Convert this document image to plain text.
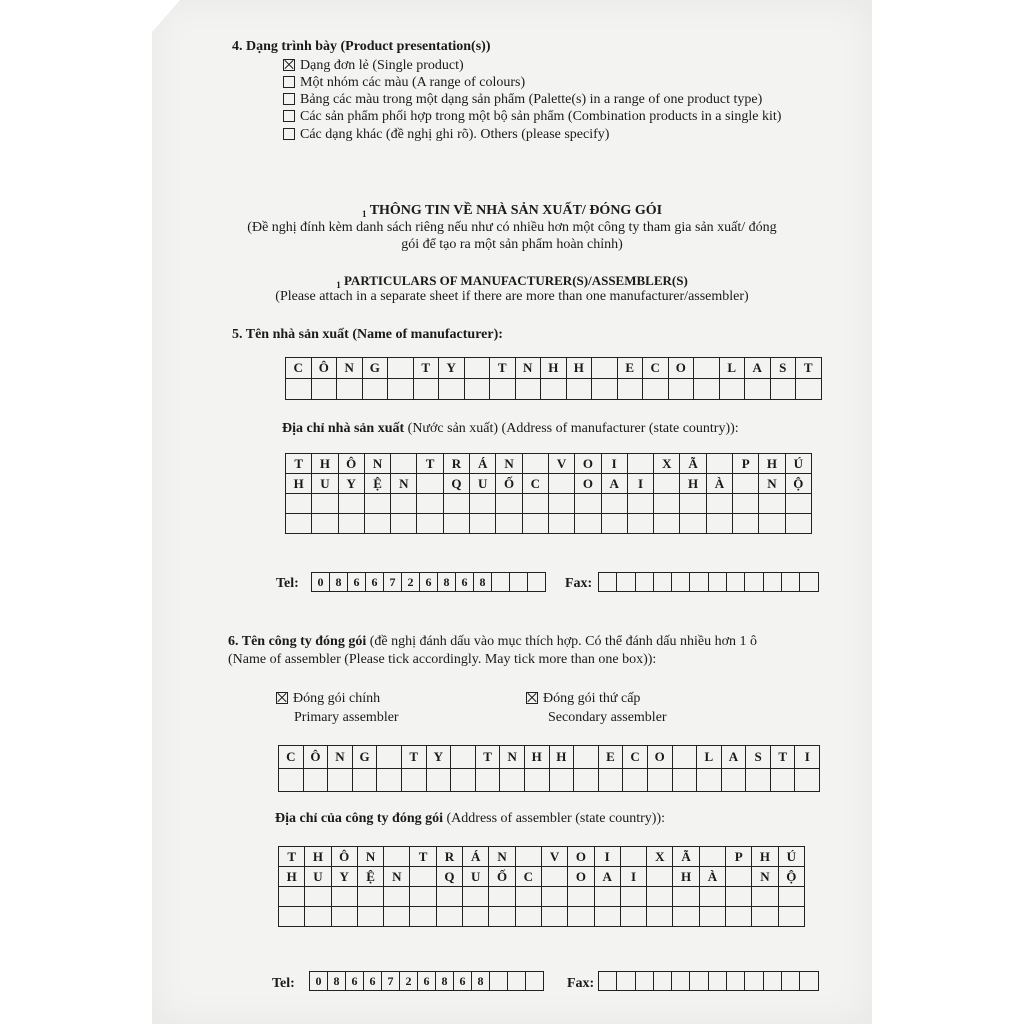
4. Dạng trình bày (Product presentation(s))
Dạng đơn lẻ (Single product)
Một nhóm các màu (A range of colours)
Bảng các màu trong một dạng sản phẩm (Palette(s) in a range of one product type)
Các sản phẩm phối hợp trong một bộ sản phẩm (Combination products in a single kit)
Các dạng khác (đề nghị ghi rõ). Others (please specify)
$_1$ THÔNG TIN VỀ NHÀ SẢN XUẤT/ ĐÓNG GÓI
(Đề nghị đính kèm danh sách riêng nếu như có nhiều hơn một công ty tham gia sản xuất/ đóng
gói để tạo ra một sản phẩm hoàn chỉnh)
$_1$ PARTICULARS OF MANUFACTURER(S)/ASSEMBLER(S)
(Please attach in a separate sheet if there are more than one manufacturer/assembler)
5. Tên nhà sản xuất (Name of manufacturer):
C	Ô	N	G	T	Y	T	N	H	H	E	C	O	L	A	S	T
Địa chỉ nhà sản xuất (Nước sản xuất) (Address of manufacturer (state country)):
T	H	Ô	N	T	R	Á	N	V	O	I	X	Ã	P	H	Ú
H	U	Y	Ệ	N	Q	U	Ố	C	O	A	I	H	À	N	Ộ
Tel:	0	8	6	6	7	2	6	8	6	8	Fax:
6. Tên công ty đóng gói (đề nghị đánh dấu vào mục thích hợp. Có thể đánh dấu nhiều hơn 1 ô
(Name of assembler (Please tick accordingly. May tick more than one box)):
Đóng gói chính
Primary assembler
Đóng gói thứ cấp
Secondary assembler
C	Ô	N	G	T	Y	T	N	H	H	E	C	O	L	A	S	T	I
Địa chỉ của công ty đóng gói (Address of assembler (state country)):
T	H	Ô	N	T	R	Á	N	V	O	I	X	Ã	P	H	Ú
H	U	Y	Ệ	N	Q	U	Ố	C	O	A	I	H	À	N	Ộ
Tel:	0	8	6	6	7	2	6	8	6	8	Fax:
